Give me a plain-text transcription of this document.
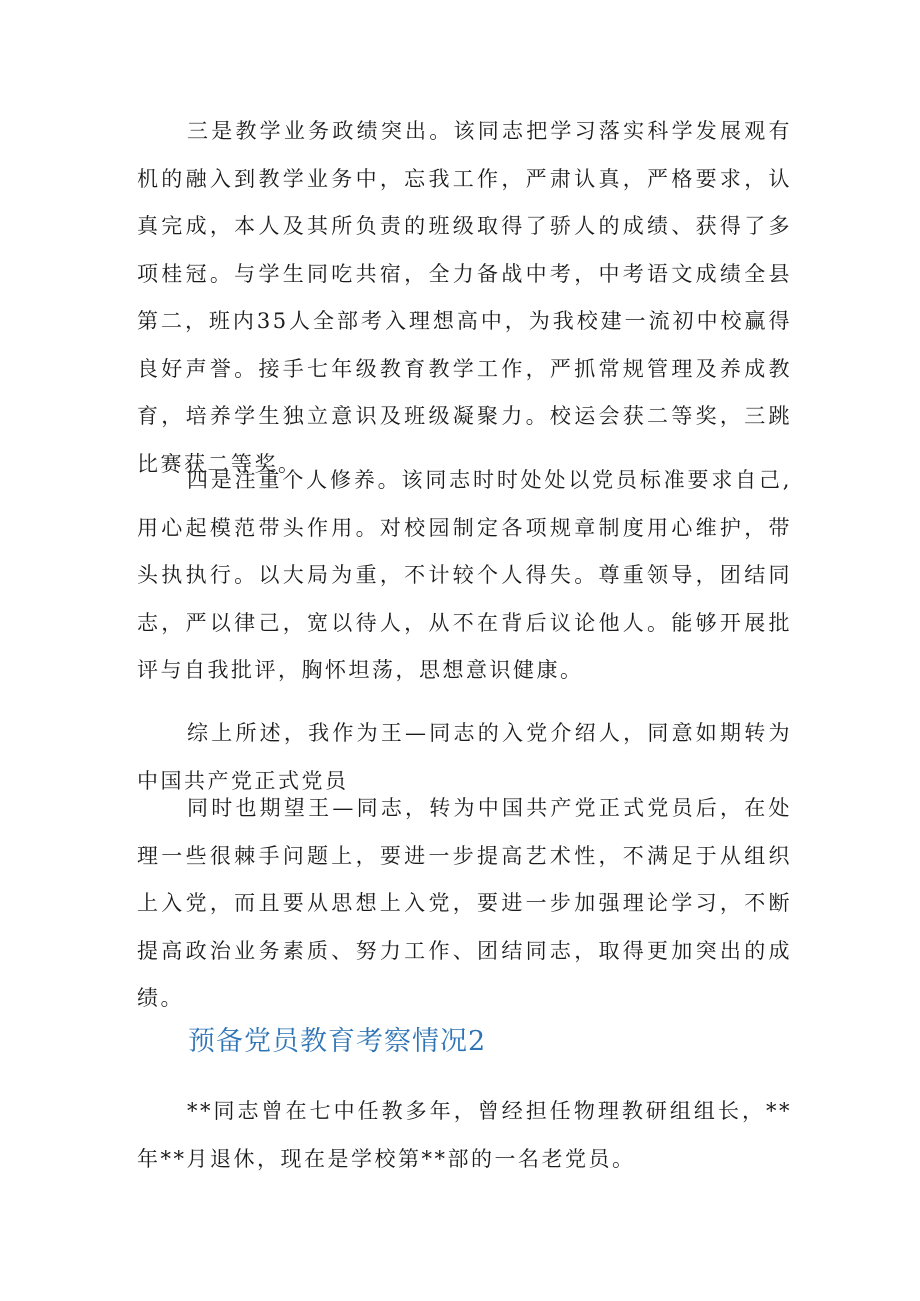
三是教学业务政绩突出。该同志把学习落实科学发展观有机的融入到教学业务中，忘我工作，严肃认真，严格要求，认真完成，本人及其所负责的班级取得了骄人的成绩、获得了多项桂冠。与学生同吃共宿，全力备战中考，中考语文成绩全县第二，班内35人全部考入理想高中，为我校建一流初中校赢得良好声誉。接手七年级教育教学工作，严抓常规管理及养成教育，培养学生独立意识及班级凝聚力。校运会获二等奖，三跳比赛获二等奖。

四是注重个人修养。该同志时时处处以党员标准要求自己,用心起模范带头作用。对校园制定各项规章制度用心维护，带头执执行。以大局为重，不计较个人得失。尊重领导，团结同志，严以律己，宽以待人，从不在背后议论他人。能够开展批评与自我批评，胸怀坦荡，思想意识健康。

综上所述，我作为王—同志的入党介绍人，同意如期转为中国共产党正式党员

同时也期望王—同志，转为中国共产党正式党员后，在处理一些很棘手问题上，要进一步提高艺术性，不满足于从组织上入党，而且要从思想上入党，要进一步加强理论学习，不断提高政治业务素质、努力工作、团结同志，取得更加突出的成绩。

预备党员教育考察情况2

**同志曾在七中任教多年，曾经担任物理教研组组长，**年**月退休，现在是学校第**部的一名老党员。
